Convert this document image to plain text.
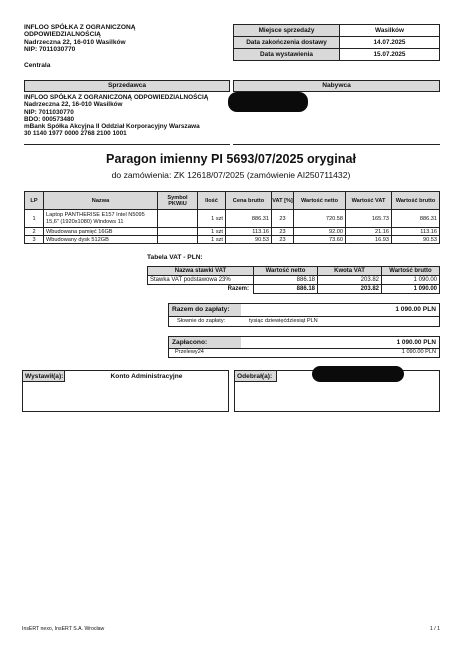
INFLOO SPÓŁKA Z OGRANICZONĄ
ODPOWIEDZIALNOŚCIĄ
Nadrzeczna 22, 16-010 Wasilków
NIP: 7011030770
Centrala
Miejsce sprzedaży	Wasilków
Data zakończenia dostawy	14.07.2025
Data wystawienia	15.07.2025
Sprzedawca
INFLOO SPÓŁKA Z OGRANICZONĄ ODPOWIEDZIALNOŚCIĄ
Nadrzeczna 22, 16-010 Wasilków
NIP: 7011030770
BDO: 000573480
mBank Spółka Akcyjna II Oddział Korporacyjny Warszawa
30 1140 1977 0000 2768 2100 1001
Nabywca
Paragon imienny PI 5693/07/2025 oryginał
do zamówienia: ZK 12618/07/2025 (zamówienie AI250711432)
LP	Nazwa	Symbol PKWiU	Ilość	Cena brutto	VAT [%]	Wartość netto	Wartość VAT	Wartość brutto
1	Laptop PANTHERISE E157 Intel N5095 15,6" (1920x1080) Windows 11		1 szt	886.31	23	720.58	165.73	886.31
2	Wbudowana pamięć 16GB		1 szt	113.16	23	92.00	21.16	113.16
3	Wbudowany dysk 512GB		1 szt	90.53	23	73.60	16.93	90.53
Tabela VAT - PLN:
Nazwa stawki VAT	Wartość netto	Kwota VAT	Wartość brutto
Stawka VAT podstawowa 23%	886.18	203.82	1 090.00
Razem:	886.18	203.82	1 090.00
Razem do zapłaty:	1 090.00 PLN
Słownie do zapłaty:	tysiąc dziewięćdziesiąt PLN
Zapłacono:	1 090.00 PLN
Przelewy24	1 090.00 PLN
Wystawił(a):	Konto Administracyjne	Odebrał(a):
InsERT nexo, InsERT S.A. Wrocław	1 / 1
